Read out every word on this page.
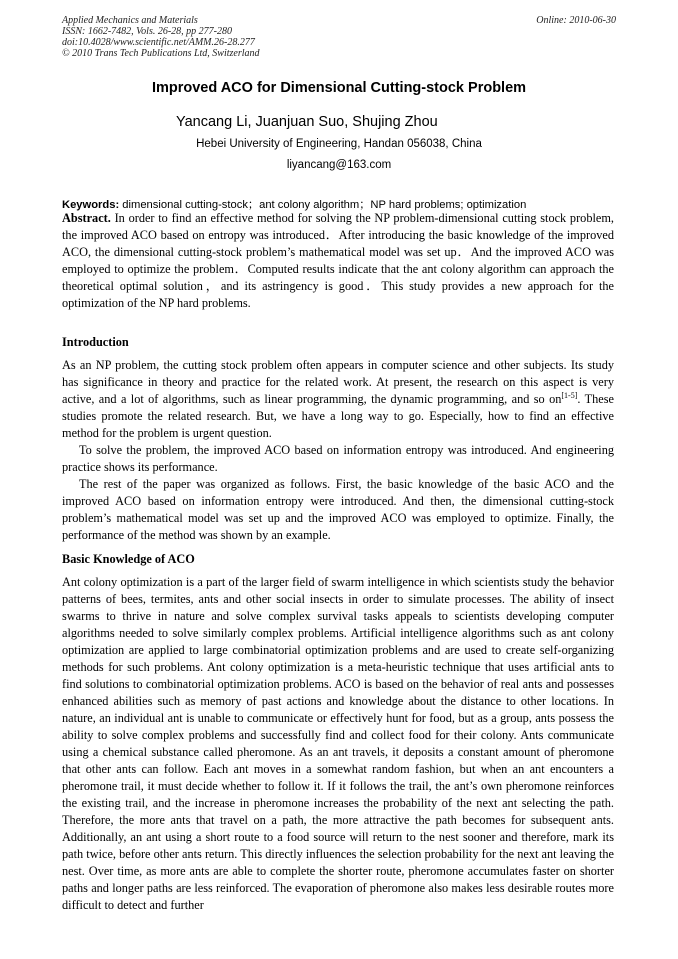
Applied Mechanics and Materials
ISSN: 1662-7482, Vols. 26-28, pp 277-280
doi:10.4028/www.scientific.net/AMM.26-28.277
© 2010 Trans Tech Publications Ltd, Switzerland
Online: 2010-06-30
Improved ACO for Dimensional Cutting-stock Problem
Yancang Li, Juanjuan Suo, Shujing Zhou
Hebei University of Engineering, Handan 056038, China
liyancang@163.com
Keywords: dimensional cutting-stock；ant colony algorithm；NP hard problems; optimization

Abstract. In order to find an effective method for solving the NP problem-dimensional cutting stock problem, the improved ACO based on entropy was introduced．After introducing the basic knowledge of the improved ACO, the dimensional cutting-stock problem’s mathematical model was set up．And the improved ACO was employed to optimize the problem．Computed results indicate that the ant colony algorithm can approach the theoretical optimal solution，and its astringency is good．This study provides a new approach for the optimization of the NP hard problems.

Introduction

As an NP problem, the cutting stock problem often appears in computer science and other subjects. Its study has significance in theory and practice for the related work. At present, the research on this aspect is very active, and a lot of algorithms, such as linear programming, the dynamic programming, and so on[1-5]. These studies promote the related research. But, we have a long way to go. Especially, how to find an effective method for the problem is urgent question.

To solve the problem, the improved ACO based on information entropy was introduced. And engineering practice shows its performance.

The rest of the paper was organized as follows. First, the basic knowledge of the basic ACO and the improved ACO based on information entropy were introduced. And then, the dimensional cutting-stock problem’s mathematical model was set up and the improved ACO was employed to optimize. Finally, the performance of the method was shown by an example.

Basic Knowledge of ACO

Ant colony optimization is a part of the larger field of swarm intelligence in which scientists study the behavior patterns of bees, termites, ants and other social insects in order to simulate processes. The ability of insect swarms to thrive in nature and solve complex survival tasks appeals to scientists developing computer algorithms needed to solve similarly complex problems. Artificial intelligence algorithms such as ant colony optimization are applied to large combinatorial optimization problems and are used to create self-organizing methods for such problems. Ant colony optimization is a meta-heuristic technique that uses artificial ants to find solutions to combinatorial optimization problems. ACO is based on the behavior of real ants and possesses enhanced abilities such as memory of past actions and knowledge about the distance to other locations. In nature, an individual ant is unable to communicate or effectively hunt for food, but as a group, ants possess the ability to solve complex problems and successfully find and collect food for their colony. Ants communicate using a chemical substance called pheromone. As an ant travels, it deposits a constant amount of pheromone that other ants can follow. Each ant moves in a somewhat random fashion, but when an ant encounters a pheromone trail, it must decide whether to follow it. If it follows the trail, the ant’s own pheromone reinforces the existing trail, and the increase in pheromone increases the probability of the next ant selecting the path. Therefore, the more ants that travel on a path, the more attractive the path becomes for subsequent ants. Additionally, an ant using a short route to a food source will return to the nest sooner and therefore, mark its path twice, before other ants return. This directly influences the selection probability for the next ant leaving the nest. Over time, as more ants are able to complete the shorter route, pheromone accumulates faster on shorter paths and longer paths are less reinforced. The evaporation of pheromone also makes less desirable routes more difficult to detect and further
